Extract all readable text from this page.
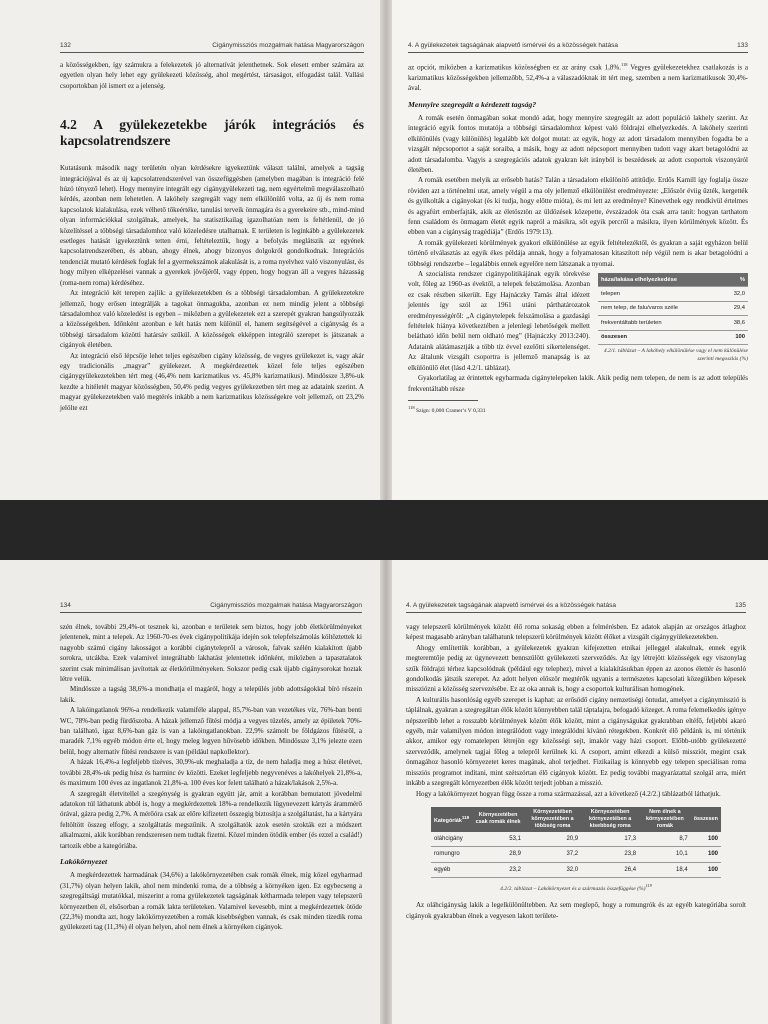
132	Cigánymissziós mozgalmak hatása Magyarországon

a közösségekben, így számukra a felekezetek jó alternatívát jelenthetnek. Sok elesett ember számára az egyetlen olyan hely lehet egy gyülekezeti közösség, ahol megértést, társaságot, elfogadást talál. Vallási csoportokban jól ismert ez a jelenség.

4.2 A gyülekezetekbe járók integrációs és kapcsolatrendszere

Kutatásunk második nagy területén olyan kérdésekre igyekeztünk választ találni, amelyek a tagság integrációjával és az új kapcsolatrendszerével van összefüggésben (amelyben magában is integráció felé húzó tényező lehet). Hogy mennyire integrált egy cigánygyülekezeti tag, nem egyértelmű megválaszolható kérdés, azonban nem lehetetlen. A lakóhely szegregált vagy nem elkülönülő volta, az új és nem roma kapcsolatok kialakulása, ezek vélhető tőkeértéke, tanulási terveik önmagára és a gyerekeire stb., mind-mind olyan információkkal szolgálnak, amelyek, ha statisztikailag igazolhatóan nem is feltétlenül, de jó közelítéssel a többségi társadalomhoz való közeledésre utalhatnak. E területen is leginkább a gyülekezetek esetleges hatását igyekeztünk tetten érni, feltételeztük, hogy a befolyás meglátszik az egyének kapcsolatrendszerében, és abban, ahogy élnek, ahogy bizonyos dolgokról gondolkodnak. Integrációs tendenciát mutató kérdések foglak fel a gyermekszámok alakulását is, a roma nyelvhez való viszonyulást, és hogy milyen elképzelései vannak a gyerekek jövőjéről, vagy éppen, hogy hogyan áll a vegyes házasság (roma-nem roma) kérdéséhez.

Az integráció két terepen zajlik: a gyülekezetekben és a többségi társadalomban. A gyülekezetekre jellemző, hogy erősen integrálják a tagokat önmagukba, azonban ez nem mindig jelent a többségi társadalomhoz való közeledést is egyben – miközben a gyülekezetek ezt a szerepét gyakran hangsúlyozzák a közösségekben. Időnként azonban e két hatás nem különül el, hanem segítségével a cigányság és a többségi társadalom közötti határsáv szűkül. A közösségek ekképpen integráló szerepet is játszanak a cigányok életében.

Az integráció első lépcsője lehet teljes egészében cigány közösség, de vegyes gyülekezet is, vagy akár egy tradicionális „magyar” gyülekezet. A megkérdezettek közel fele teljes egészében cigánygyülekezetekben tért meg (46,4% nem karizmatikus vs. 45,8% karizmatikus). Mindössze 3,8%-uk kezdte a hitéletét magyar közösségben, 50,4% pedig vegyes gyülekezetben tért meg az adataink szerint. A magyar gyülekezetekben való megtérés inkább a nem karizmatikus közösségekre volt jellemző, ott 23,2% jelölte ezt

4. A gyülekezetek tagságának alapvető ismérvei és a közösségek hatása	133

az opciót, miközben a karizmatikus közösségben ez az arány csak 1,8%.$^{118}$ Vegyes gyülekezetekhez csatlakozás is a karizmatikus közösségekben jellemzőbb, 52,4%-a a válaszadóknak itt tért meg, szemben a nem karizmatikusok 30,4%-ával.

Mennyire szegregált a kérdezett tagság?

A romák esetén önmagában sokat mondó adat, hogy mennyire szegregált az adott populáció lakhely szerint. Az integráció egyik fontos mutatója a többségi társadalomhoz képest való földrajzi elhelyezkedés. A lakóhely szerinti elkülönülés (vagy különülés) legalább két dolgot mutat: az egyik, hogy az adott társadalom mennyiben fogadta be a vizsgált népcsoportot a saját soraiba, a másik, hogy az adott népcsoport mennyiben tudott vagy akart betagolódni az adott társadalomba. Vagyis a szegregációs adatok gyakran két irányból is beszédesek az adott csoportok viszonyáról életében.

A romák esetében melyik az erősebb hatás? Talán a társadalom elkülönítő attitűdje. Erdős Kamill így foglalja össze röviden azt a történelmi utat, amely végül a ma oly jellemző elkülönülést eredményezte: „Először éviig űzték, kergették és gyilkolták a cigányokat (és ki tudja, hogy előtte mióta), és mi lett az eredménye? Kinevethek egy rendkívül értelmes és agyafúrt emberfajták, akik az életösztön az üldözések közepette, évszázadok óta csak arra tanít: hogyan tarthatom fenn családom és önmagam életét egyik napról a másikra, sőt egyik percről a másikra, ilyen körülmények között. És ebben van a cigányság tragédiája” (Erdős 1979:13).

A romák gyülekezeti körülmények gyakori elkülönülése az egyik feltételezéktől, és gyakran a saját egyházon belül történő elválasztás az egyik ékes példája annak, hogy a folyamatosan kitaszított nép végül nem is akar betagolódni a többségi rendszerbe – legalábbis ennek egyelőre nem látszanak a nyomai.

háza/lakása elhelyezkedése	%
telepen	32,0
nem telep, de falu/varos széle	29,4
frekventáltabb területen	38,6
összesen	100
4.2/1. táblázat – A lakóhely elkülönülése vagy el nem különülése szerinti megoszlás (%)

A szocialista rendszer cigánypolitikájának egyik törekvése volt, főleg az 1960-as évektől, a telepek felszámolása. Azonban ez csak részben sikerült. Egy Hajnáczky Tamás által idézett jelentés így szól az 1961 utáni párthatározatok eredményességéről: „A cigánytelepek felszámolása a gazdasági feltételek hiánya következtében a jelenlegi lehetőségek mellett belátható időn belül nem oldható meg” (Hajnáczky 2013:240). Adataink alátámasztják a több tíz évvel ezelőtti sikertelenséget. Az általunk vizsgált csoportra is jellemző manapság is az elkülönülő élet (lásd 4.2/1. táblázat).

Gyakorlatilag az érintettek egyharmada cigánytelepeken lakik. Akik pedig nem telepen, de nem is az adott település frekventáltabb része

$^{118}$ Szign: 0,000 Cramer’s V 0,331
134	Cigánymissziós mozgalmak hatása Magyarországon

szén élnek, további 29,4%-ot tesznek ki, azonban e területek sem biztos, hogy jobb életkörülményeket jelentenek, mint a telepek. Az 1960-70-es évek cigánypolitikája idején sok telepfelszámolás költöztettek ki nagyobb számú cigány lakosságot a korábbi cigánytelepről a városok, falvak szélén kialakított újabb sorokra, utcákba. Ezek valamivel integráltabb lakhatást jelentettek időnként, miközben a tapasztalatok szerint csak minimálisan javítottak az életkörülményeken. Sokszor pedig csak újabb cigánysorokat hoztak létre velük.

Mindössze a tagság 38,6%-a mondhatja el magáról, hogy a település jobb adottságokkal bíró részein lakik.

A lakóingatlanok 96%-a rendelkezik valamiféle alappal, 85,7%-ban van vezetékes víz, 76%-ban benti WC, 78%-ban pedig fürdőszoba. A házak jellemző fűtési módja a vegyes tüzelés, amely az épületek 70%-ban található, igaz 8,6%-ban gáz is van a lakóingatlanokban. 22,9% számolt be földgázos fűtésről, a maradék 7,1% egyéb módon érte el, hogy meleg legyen hűvösebb időkben. Mindössze 3,1% jelezte ezen belül, hogy alternatív fűtési rendszere is van (például napkollektor).

A házak 16,4%-a legfeljebb tízéves, 30,9%-uk meghaladja a tíz, de nem haladja meg a húsz életévet, további 28,4%-uk pedig húsz és harminc év közötti. Ezeket legfeljebb negyvenéves a lakóhelyek 21,8%-a, és maximum 100 éves az ingatlanok 21,8%-a. 100 éves kor felett található a házak/lakások 2,5%-a.

A szegregált életvitellel a szegénység is gyakran együtt jár, amit a korábban bemutatott jövedelmi adatokon túl láthatunk abból is, hogy a megkérdezettek 18%-a rendelkezik lügynevezett kártyás árammérő órával, gázra pedig 2,7%. A mérőóra csak az előre kifizetett összegig biztosítja a szolgáltatást, ha a kártyára feltöltött összeg elfogy, a szolgáltatás megszűnik. A szolgáltatók azok esetén szokták ezt a módszert alkalmazni, akik korábban rendszeresen nem tudtak fizetni. Közel minden ötödik ember (és ezzel a család!) tartozik ebbe a kategóriába.

Lakókörnyezet

A megkérdezettek harmadának (34,6%) a lakókörnyezetében csak romák élnek, míg közel egyharmad (31,7%) olyan helyen lakik, ahol nem mindenki roma, de a többség a környéken igen. Ez egybecseng a szegregáltsági mutatókkal, miszerint a roma gyülekezetek tagságának kétharmada telepen vagy telepszerű környezetben él, elsősorban a romák lakta területeken. Valamivel kevesebb, mint a megkérdezettek ötöde (22,3%) mondta azt, hogy lakókörnyezetében a romák kisebbségben vannak, és csak minden tizedik roma gyülekezeti tag (11,3%) él olyan helyen, ahol nem élnek a környéken cigányok.

4. A gyülekezetek tagságának alapvető ismérvei és a közösségek hatása	135

vagy telepszerű körülmények között élő roma sokaság ebben a felmérésben. Ez adatok alapján az országos átlaghoz képest magasabb arányban találhatunk telepszerű körülmények között élőket a vizsgált cigánygyülekezetekben.

Ahogy említettük korábban, a gyülekezetek gyakran kifejezetten etnikai jelleggel alakulnak, ennek egyik megteremtője pedig az úgynevezett bennszülött gyülekezeti szerveződés. Az így létrejött közösségek egy viszonylag szűk földrajzi térhez kapcsolódnak (például egy telephez), mivel a kialakításukban éppen az azonos élettér és hasonló gondolkodás játszik szerepet. Az adott helyen először megtérők ugyanis a természetes kapcsolati közegükben képesek missziózni a közösség szervezésébe. Ez az oka annak is, hogy a csoportok kulturálisan homogének.

A kulturális hasonlóság egyéb szerepet is kaphat: az erősödő cigány nemzetiségi öntudat, amelyet a cigánymisszió is táplálnak, gyakran a szegregáltan élők között könnyebben talál táptalajra, befogadó közeget. A roma felemelkedés igénye népszerűbb lehet a rosszabb körülmények között élők között, mint a cigányságukat gyakrabban eltéfő, feljebbi akaró egyéb, már valamilyen módon integrálódott vagy integrálódni kívánó rétegekben. Konkrét élő példánk is, mi történik akkor, amikor egy romatelepen létrejön egy közösségi sejt, imakör vagy házi csoport. Előbb-utóbb gyülekezetté szerveződik, amelynek tagjai főleg a telepről kerülnek ki. A csoport, amint elkezdi a külső missziót, megint csak önmagához hasonló környezetet keres magának, ahol terjedhet. Fizikailag is könnyebb egy telepen speciálisan roma missziós programot indítani, mint szétszórtan élő cigányok között. Ez pedig további magyarázattal szolgál arra, miért inkább a szegregált környezetben élők között terjedt jobban a misszió.

Hogy a lakókörnyezet hogyan függ össze a roma származással, azt a következő (4.2/2.) táblázatból láthatjuk.

Kategóriák$^{119}$	Környezetében csak romák élnek	Környezetében környezetében a többség roma	Környezetében környezetében a kisebbség roma	Nem élnek a környezetében romák	összesen
oláhcigány	53,1	20,9	17,3	8,7	100
romungro	28,9	37,2	23,8	10,1	100
egyéb	23,2	32,0	26,4	18,4	100
4.2/2. táblázat – Lakókörnyezet és a származás összefüggése (%)$^{119}$

Az oláhcigányság lakik a legelkülönültebben. Az sem meglepő, hogy a romungrók és az egyéb kategóriába sorolt cigányok gyakrabban élnek a vegyesen lakott területe-
